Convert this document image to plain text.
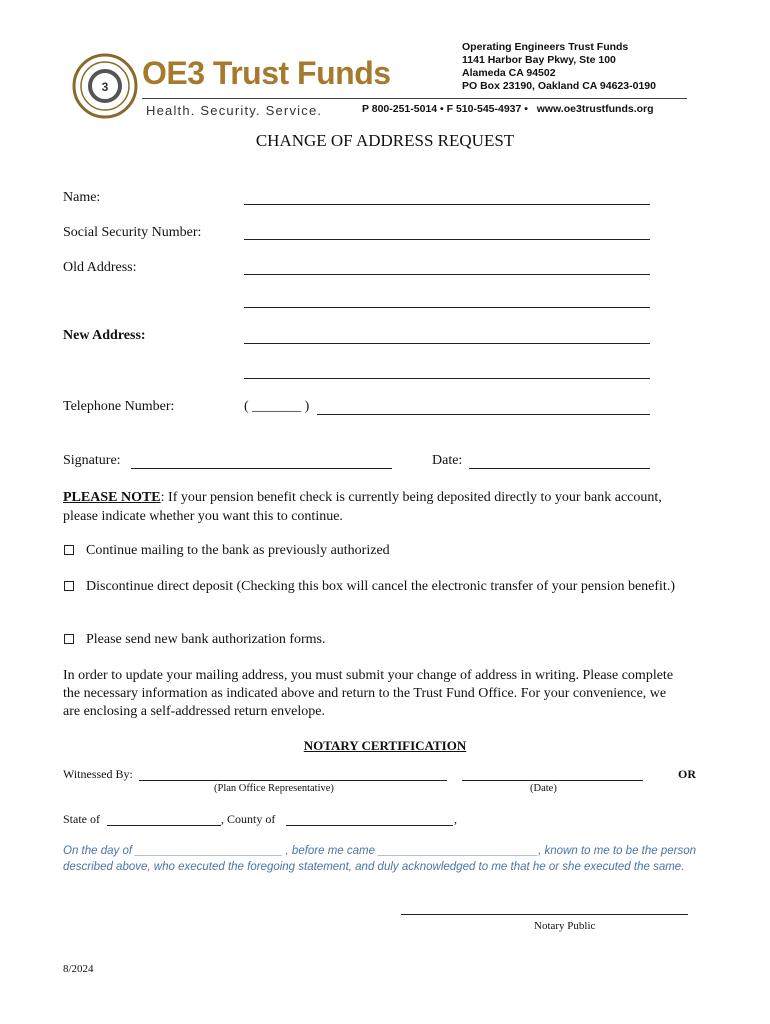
3 OE3 Trust Funds
Health. Security. Service.
Operating Engineers Trust Funds
1141 Harbor Bay Pkwy, Ste 100
Alameda CA 94502
PO Box 23190, Oakland CA 94623-0190
P 800-251-5014 • F 510-545-4937 •   www.oe3trustfunds.org
CHANGE OF ADDRESS REQUEST
Name:
Social Security Number:
Old Address:
New Address:
Telephone Number:	( _______ )
Signature:	Date:
PLEASE NOTE: If your pension benefit check is currently being deposited directly to your bank account, please indicate whether you want this to continue.
Continue mailing to the bank as previously authorized
Discontinue direct deposit (Checking this box will cancel the electronic transfer of your pension benefit.)
Please send new bank authorization forms.
In order to update your mailing address, you must submit your change of address in writing. Please complete the necessary information as indicated above and return to the Trust Fund Office. For your convenience, we are enclosing a self-addressed return envelope.
NOTARY CERTIFICATION
Witnessed By:	OR
(Plan Office Representative)	(Date)
State of	, County of	,
On the day of _______________________ , before me came _________________________, known to me to be the person described above, who executed the foregoing statement, and duly acknowledged to me that he or she executed the same.
Notary Public
8/2024
